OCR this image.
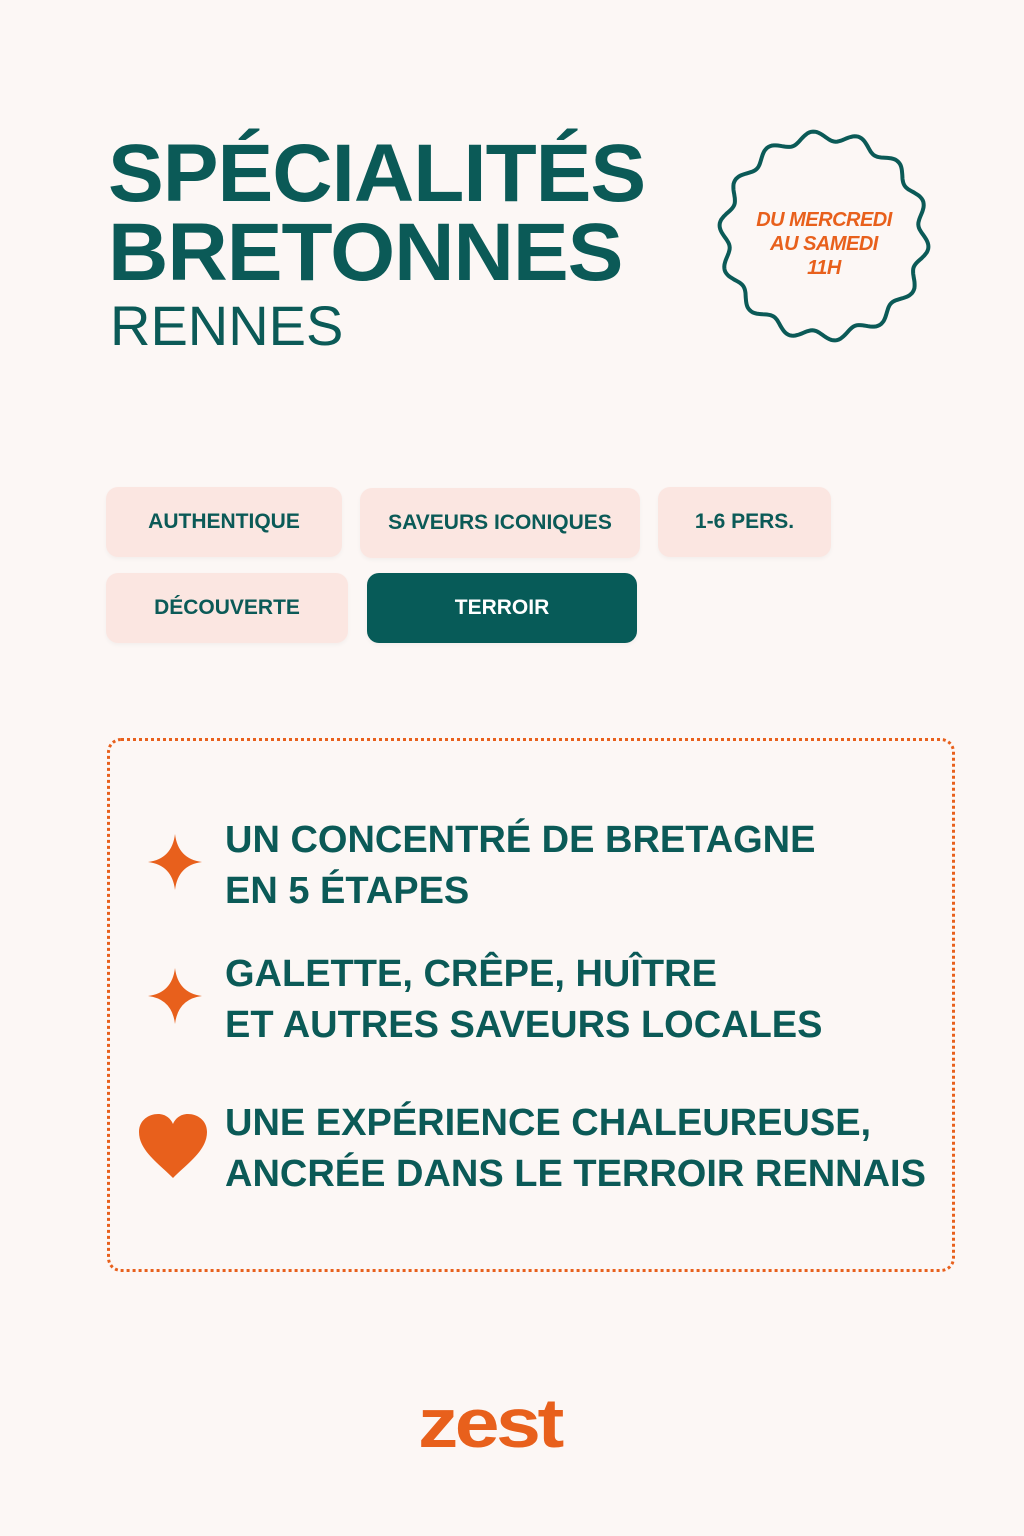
SPÉCIALITÉS
BRETONNES
RENNES
DU MERCREDI
AU SAMEDI
11H
AUTHENTIQUE	SAVEURS ICONIQUES	1-6 PERS.
DÉCOUVERTE	TERROIR
UN CONCENTRÉ DE BRETAGNE
EN 5 ÉTAPES
GALETTE, CRÊPE, HUÎTRE
ET AUTRES SAVEURS LOCALES
UNE EXPÉRIENCE CHALEUREUSE,
ANCRÉE DANS LE TERROIR RENNAIS
zest
